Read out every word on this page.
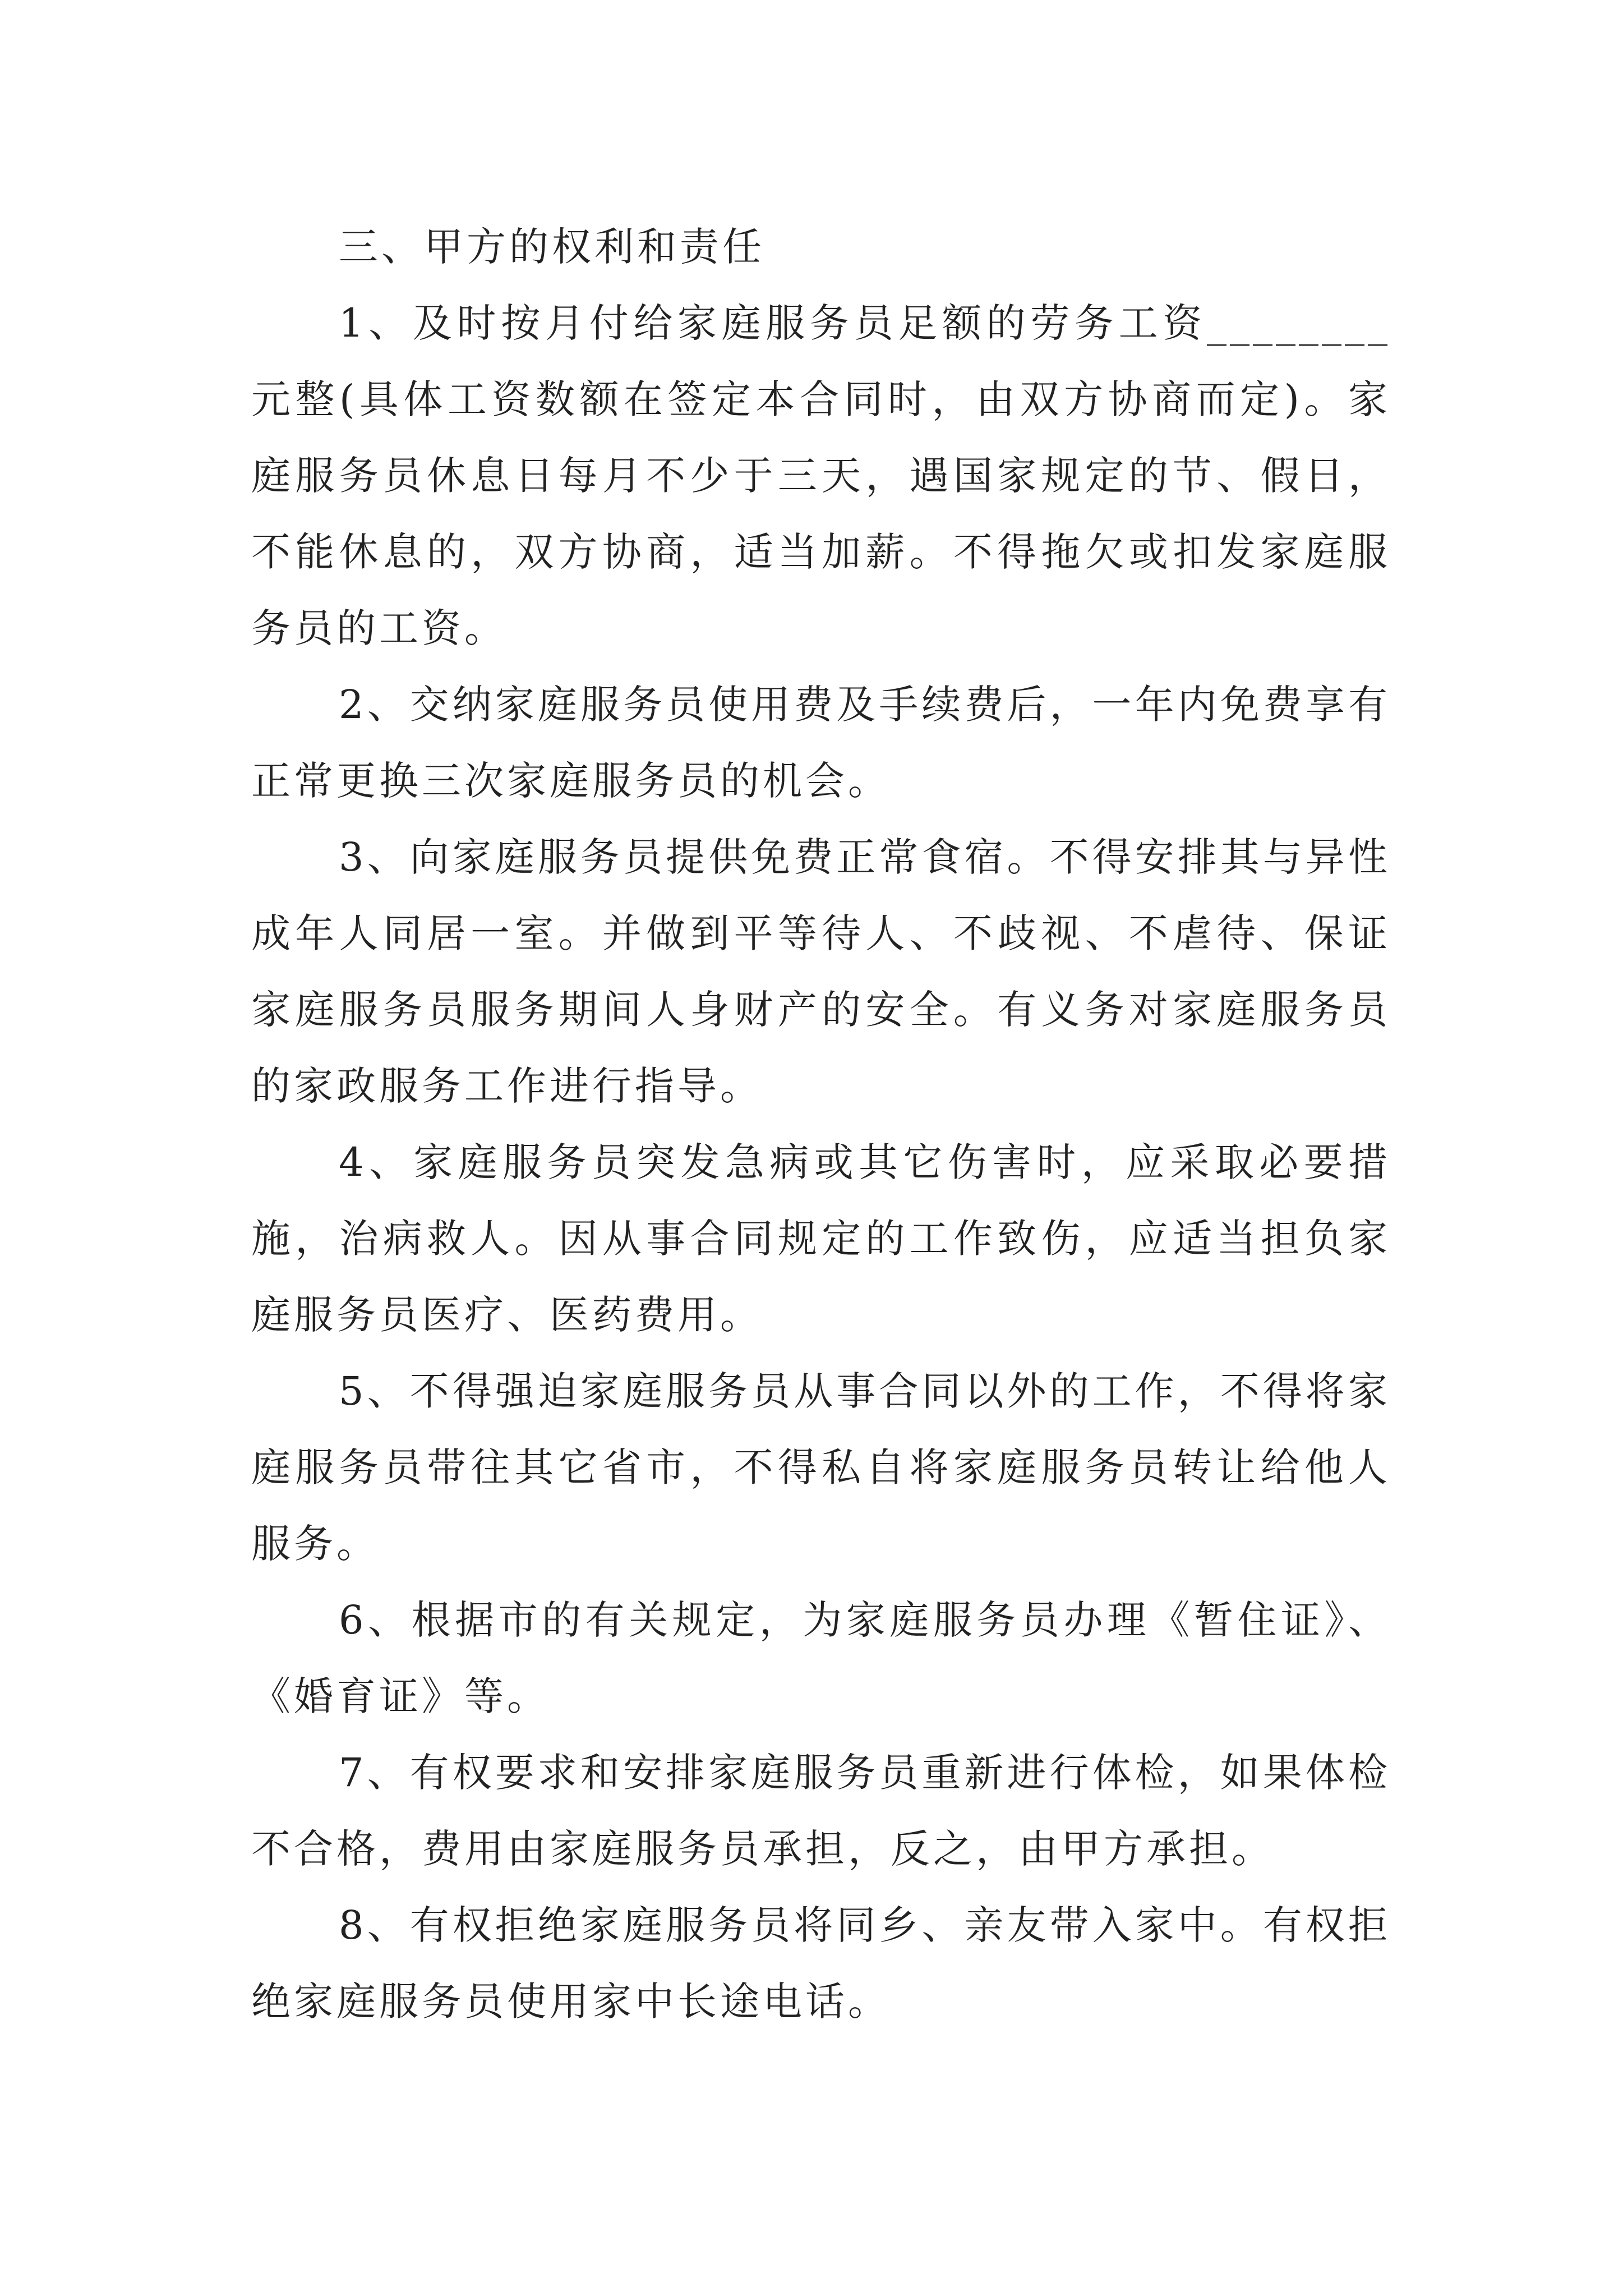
三、甲方的权利和责任

1、及时按月付给家庭服务员足额的劳务工资________元整(具体工资数额在签定本合同时，由双方协商而定)。家庭服务员休息日每月不少于三天，遇国家规定的节、假日，不能休息的，双方协商，适当加薪。不得拖欠或扣发家庭服务员的工资。

2、交纳家庭服务员使用费及手续费后，一年内免费享有正常更换三次家庭服务员的机会。

3、向家庭服务员提供免费正常食宿。不得安排其与异性成年人同居一室。并做到平等待人、不歧视、不虐待、保证家庭服务员服务期间人身财产的安全。有义务对家庭服务员的家政服务工作进行指导。

4、家庭服务员突发急病或其它伤害时，应采取必要措施，治病救人。因从事合同规定的工作致伤，应适当担负家庭服务员医疗、医药费用。

5、不得强迫家庭服务员从事合同以外的工作，不得将家庭服务员带往其它省市，不得私自将家庭服务员转让给他人服务。

6、根据市的有关规定，为家庭服务员办理《暂住证》、《婚育证》等。

7、有权要求和安排家庭服务员重新进行体检，如果体检不合格，费用由家庭服务员承担，反之，由甲方承担。

8、有权拒绝家庭服务员将同乡、亲友带入家中。有权拒绝家庭服务员使用家中长途电话。
